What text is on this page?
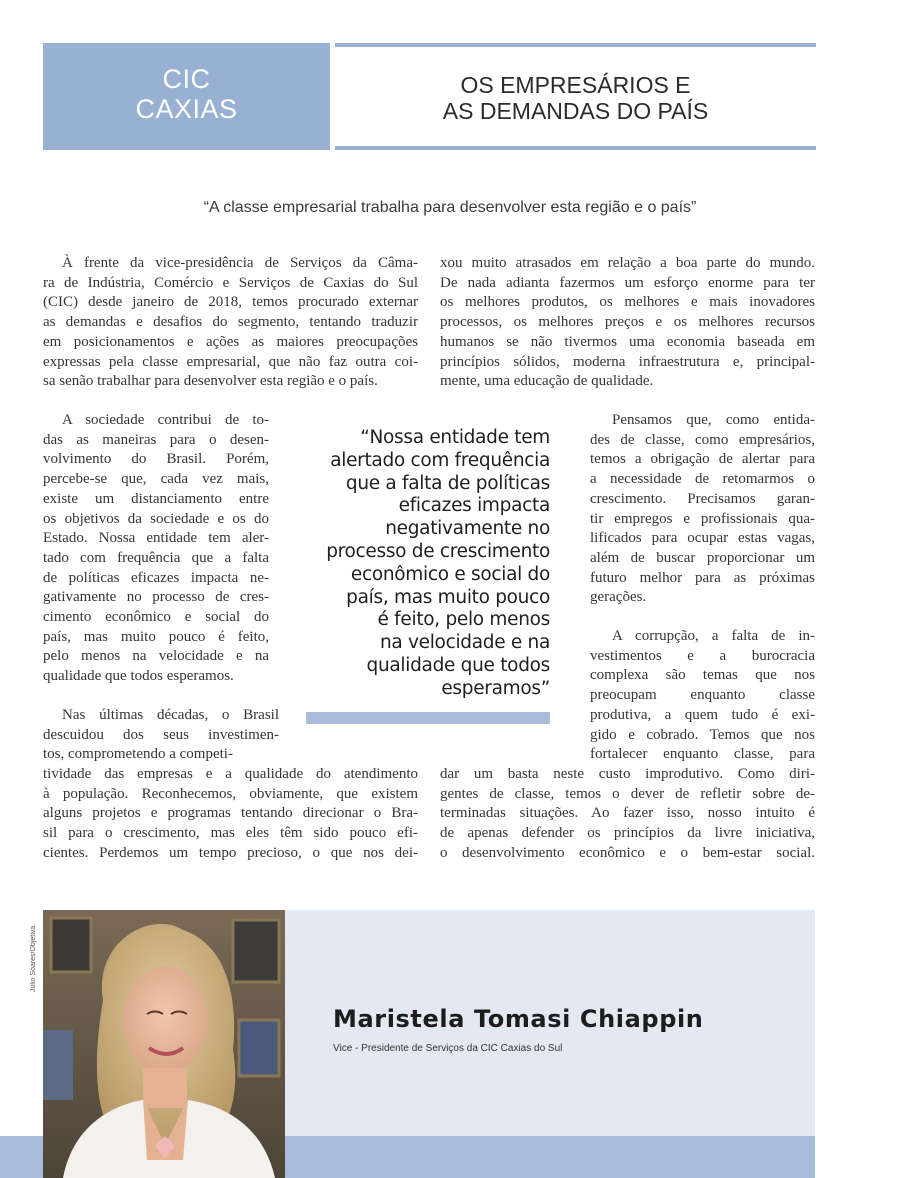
CIC
CAXIAS
OS EMPRESÁRIOS E
AS DEMANDAS DO PAÍS
“A classe empresarial trabalha para desenvolver esta região e o país”
À frente da vice-presidência de Serviços da Câma-
ra de Indústria, Comércio e Serviços de Caxias do Sul
(CIC) desde janeiro de 2018, temos procurado externar
as demandas e desafios do segmento, tentando traduzir
em posicionamentos e ações as maiores preocupações
expressas pela classe empresarial, que não faz outra coi-
sa senão trabalhar para desenvolver esta região e o país.
A sociedade contribui de to-
das as maneiras para o desen-
volvimento do Brasil. Porém,
percebe-se que, cada vez mais,
existe um distanciamento entre
os objetivos da sociedade e os do
Estado. Nossa entidade tem aler-
tado com frequência que a falta
de políticas eficazes impacta ne-
gativamente no processo de cres-
cimento econômico e social do
país, mas muito pouco é feito,
pelo menos na velocidade e na
qualidade que todos esperamos.
Nas últimas décadas, o Brasil
descuidou dos seus investimen-
tos, comprometendo a competi-
tividade das empresas e a qualidade do atendimento
à população. Reconhecemos, obviamente, que existem
alguns projetos e programas tentando direcionar o Bra-
sil para o crescimento, mas eles têm sido pouco efi-
cientes. Perdemos um tempo precioso, o que nos dei-
xou muito atrasados em relação a boa parte do mundo.
De nada adianta fazermos um esforço enorme para ter
os melhores produtos, os melhores e mais inovadores
processos, os melhores preços e os melhores recursos
humanos se não tivermos uma economia baseada em
princípios sólidos, moderna infraestrutura e, principal-
mente, uma educação de qualidade.
Pensamos que, como entida-
des de classe, como empresários,
temos a obrigação de alertar para
a necessidade de retomarmos o
crescimento. Precisamos garan-
tir empregos e profissionais qua-
lificados para ocupar estas vagas,
além de buscar proporcionar um
futuro melhor para as próximas
gerações.
A corrupção, a falta de in-
vestimentos e a burocracia
complexa são temas que nos
preocupam enquanto classe
produtiva, a quem tudo é exi-
gido e cobrado. Temos que nos
fortalecer enquanto classe, para
dar um basta neste custo improdutivo. Como diri-
gentes de classe, temos o dever de refletir sobre de-
terminadas situações. Ao fazer isso, nosso intuito é
de apenas defender os princípios da livre iniciativa,
o desenvolvimento econômico e o bem-estar social.
“Nossa entidade tem
alertado com frequência
que a falta de políticas
eficazes impacta
negativamente no
processo de crescimento
econômico e social do
país, mas muito pouco
é feito, pelo menos
na velocidade e na
qualidade que todos
esperamos”
Julio Soares/Objetiva
Maristela Tomasi Chiappin
Vice - Presidente de Serviços da CIC Caxias do Sul
